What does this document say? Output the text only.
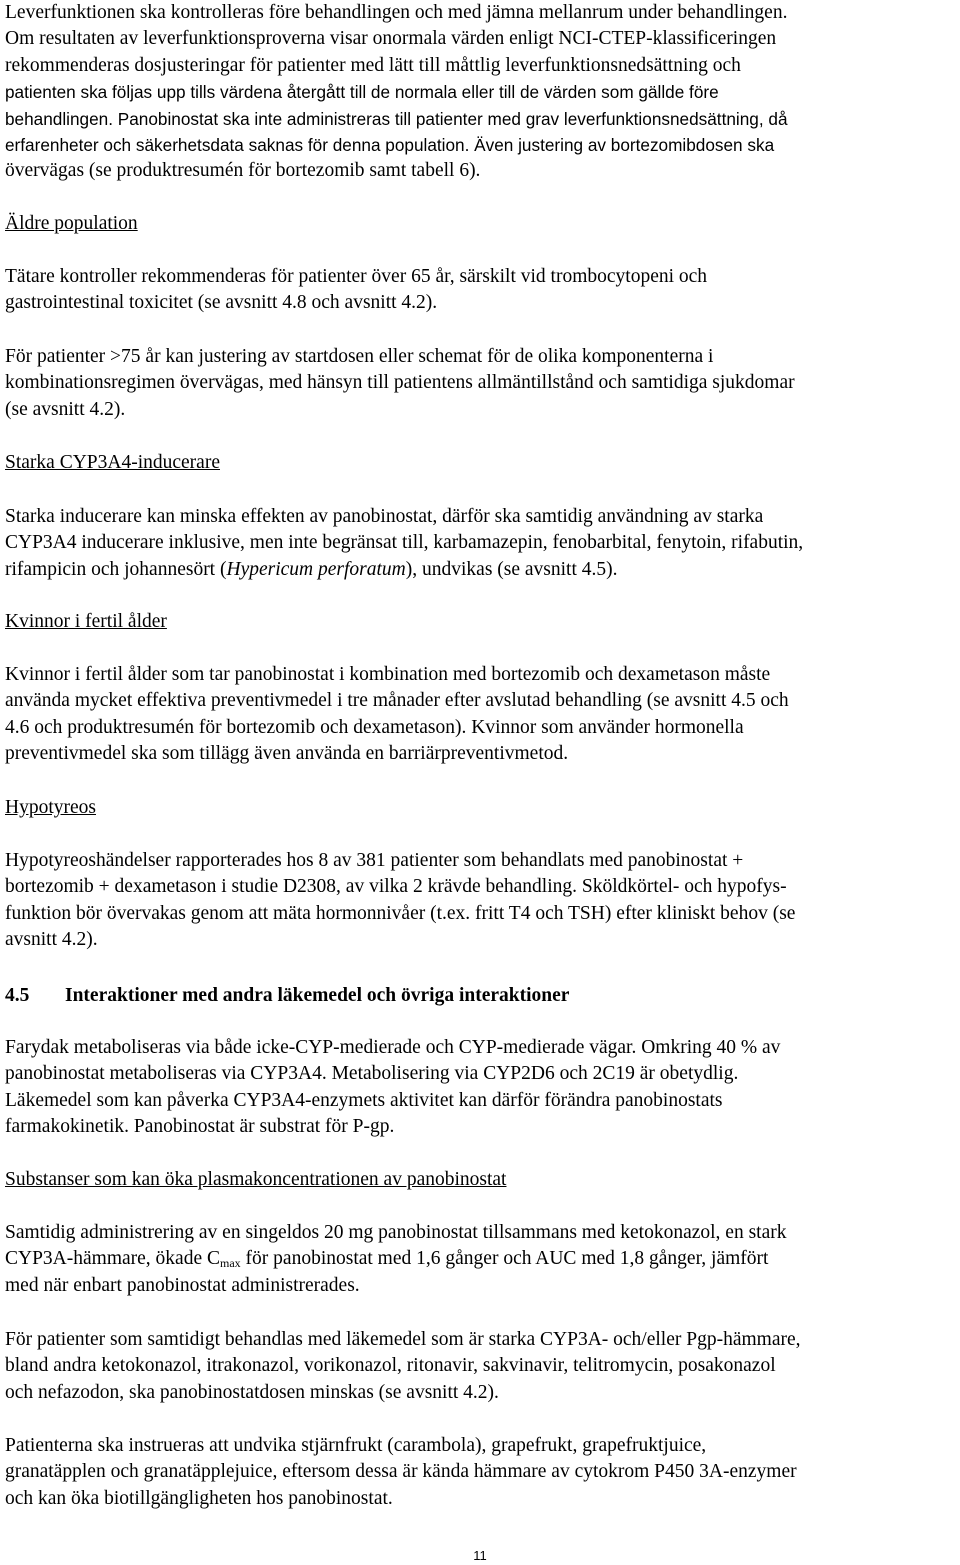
Leverfunktionen ska kontrolleras före behandlingen och med jämna mellanrum under behandlingen.
Om resultaten av leverfunktionsproverna visar onormala värden enligt NCI-CTEP-klassificeringen
rekommenderas dosjusteringar för patienter med lätt till måttlig leverfunktionsnedsättning och
patienten ska följas upp tills värdena återgått till de normala eller till de värden som gällde före
behandlingen. Panobinostat ska inte administreras till patienter med grav leverfunktionsnedsättning, då
erfarenheter och säkerhetsdata saknas för denna population. Även justering av bortezomibdosen ska
övervägas (se produktresumén för bortezomib samt tabell 6).

Äldre population

Tätare kontroller rekommenderas för patienter över 65 år, särskilt vid trombocytopeni och
gastrointestinal toxicitet (se avsnitt 4.8 och avsnitt 4.2).

För patienter >75 år kan justering av startdosen eller schemat för de olika komponenterna i
kombinationsregimen övervägas, med hänsyn till patientens allmäntillstånd och samtidiga sjukdomar
(se avsnitt 4.2).

Starka CYP3A4-inducerare

Starka inducerare kan minska effekten av panobinostat, därför ska samtidig användning av starka
CYP3A4 inducerare inklusive, men inte begränsat till, karbamazepin, fenobarbital, fenytoin, rifabutin,
rifampicin och johannesört (Hypericum perforatum), undvikas (se avsnitt 4.5).

Kvinnor i fertil ålder

Kvinnor i fertil ålder som tar panobinostat i kombination med bortezomib och dexametason måste
använda mycket effektiva preventivmedel i tre månader efter avslutad behandling (se avsnitt 4.5 och
4.6 och produktresumén för bortezomib och dexametason). Kvinnor som använder hormonella
preventivmedel ska som tillägg även använda en barriärpreventivmetod.

Hypotyreos

Hypotyreoshändelser rapporterades hos 8 av 381 patienter som behandlats med panobinostat +
bortezomib + dexametason i studie D2308, av vilka 2 krävde behandling. Sköldkörtel- och hypofys-
funktion bör övervakas genom att mäta hormonnivåer (t.ex. fritt T4 och TSH) efter kliniskt behov (se
avsnitt 4.2).

4.5 Interaktioner med andra läkemedel och övriga interaktioner

Farydak metaboliseras via både icke-CYP-medierade och CYP-medierade vägar. Omkring 40 % av
panobinostat metaboliseras via CYP3A4. Metabolisering via CYP2D6 och 2C19 är obetydlig.
Läkemedel som kan påverka CYP3A4-enzymets aktivitet kan därför förändra panobinostats
farmakokinetik. Panobinostat är substrat för P-gp.

Substanser som kan öka plasmakoncentrationen av panobinostat

Samtidig administrering av en singeldos 20 mg panobinostat tillsammans med ketokonazol, en stark
CYP3A-hämmare, ökade $C_{max}$ för panobinostat med 1,6 gånger och AUC med 1,8 gånger, jämfört
med när enbart panobinostat administrerades.

För patienter som samtidigt behandlas med läkemedel som är starka CYP3A- och/eller Pgp-hämmare,
bland andra ketokonazol, itrakonazol, vorikonazol, ritonavir, sakvinavir, telitromycin, posakonazol
och nefazodon, ska panobinostatdosen minskas (se avsnitt 4.2).

Patienterna ska instrueras att undvika stjärnfrukt (carambola), grapefrukt, grapefruktjuice,
granatäpplen och granatäpplejuice, eftersom dessa är kända hämmare av cytokrom P450 3A-enzymer
och kan öka biotillgängligheten hos panobinostat.

11
